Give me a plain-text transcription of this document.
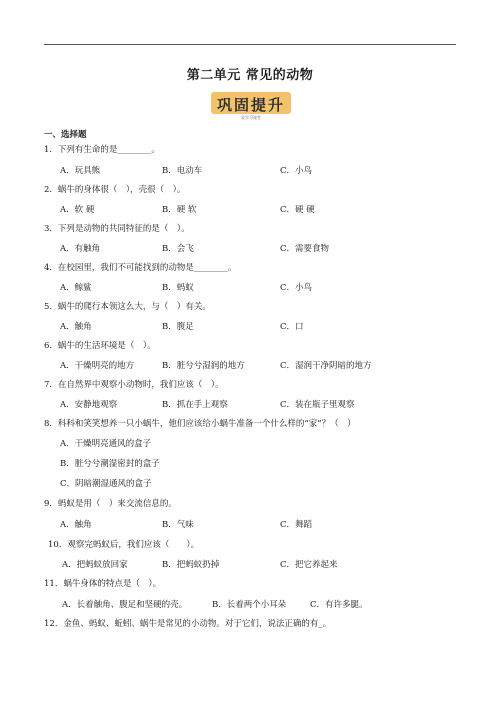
第二单元 常见的动物
巩固提升
爱学习课堂
一、选择题
1．下列有生命的是________。
A．玩具熊	B．电动车	C．小鸟
2．蜗牛的身体很（　），壳很（　）。
A．软 硬	B．硬 软	C．硬 硬
3．下列是动物的共同特征的是（　）。
A．有触角	B．会飞	C．需要食物
4．在校园里，我们不可能找到的动物是________。
A．鲸鲨	B．蚂蚁	C．小鸟
5．蜗牛的爬行本领这么大，与（　）有关。
A．触角	B．腹足	C．口
6．蜗牛的生活环境是（　）。
A．干燥明亮的地方	B．脏兮兮湿润的地方	C．湿润干净阴暗的地方
7．在自然界中观察小动物时，我们应该（　）。
A．安静地观察	B．抓在手上观察	C．装在瓶子里观察
8．科科和笑笑想养一只小蜗牛，他们应该给小蜗牛准备一个什么样的“家”？（　）
A．干燥明亮通风的盒子
B．脏兮兮潮湿密封的盒子
C．阴暗潮湿通风的盒子
9．蚂蚁是用（　）来交流信息的。
A．触角	B．气味	C．舞蹈
10．观察完蚂蚁后，我们应该（　　）。
A．把蚂蚁放回家	B．把蚂蚁扔掉	C．把它养起来
11．蜗牛身体的特点是（　）。
A．长着触角、腹足和坚硬的壳。	B．长着两个小耳朵	C．有许多腿。
12．金鱼、蚂蚁、蚯蚓、蜗牛是常见的小动物。对于它们，说法正确的有_。
